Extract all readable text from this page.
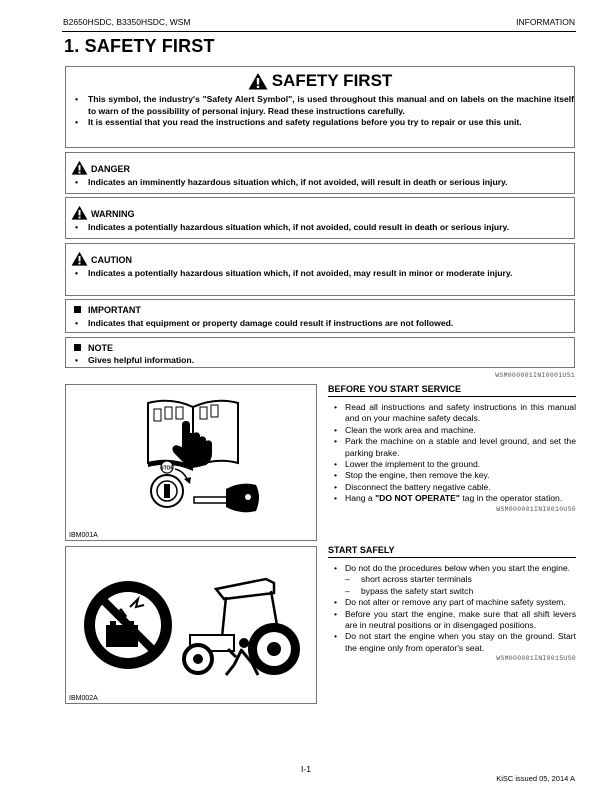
B2650HSDC, B3350HSDC, WSM	INFORMATION
1. SAFETY FIRST
SAFETY FIRST
• This symbol, the industry's "Safety Alert Symbol", is used throughout this manual and on labels on the machine itself to warn of the possibility of personal injury. Read these instructions carefully.
• It is essential that you read the instructions and safety regulations before you try to repair or use this unit.
DANGER
• Indicates an imminently hazardous situation which, if not avoided, will result in death or serious injury.
WARNING
• Indicates a potentially hazardous situation which, if not avoided, could result in death or serious injury.
CAUTION
• Indicates a potentially hazardous situation which, if not avoided, may result in minor or moderate injury.
IMPORTANT
• Indicates that equipment or property damage could result if instructions are not followed.
NOTE
• Gives helpful information.
WSM000001INI0001US1
STOP
IBM001A
IBM002A
BEFORE YOU START SERVICE
• Read all instructions and safety instructions in this manual and on your machine safety decals.
• Clean the work area and machine.
• Park the machine on a stable and level ground, and set the parking brake.
• Lower the implement to the ground.
• Stop the engine, then remove the key.
• Disconnect the battery negative cable.
• Hang a "DO NOT OPERATE" tag in the operator station.
WSM000001INI0010US0
START SAFELY
• Do not do the procedures below when you start the engine.
– short across starter terminals
– bypass the safety start switch
• Do not alter or remove any part of machine safety system.
• Before you start the engine, make sure that all shift levers are in neutral positions or in disengaged positions.
• Do not start the engine when you stay on the ground. Start the engine only from operator's seat.
WSM000001INI0015US0
I-1
KiSC issued 05, 2014 A
